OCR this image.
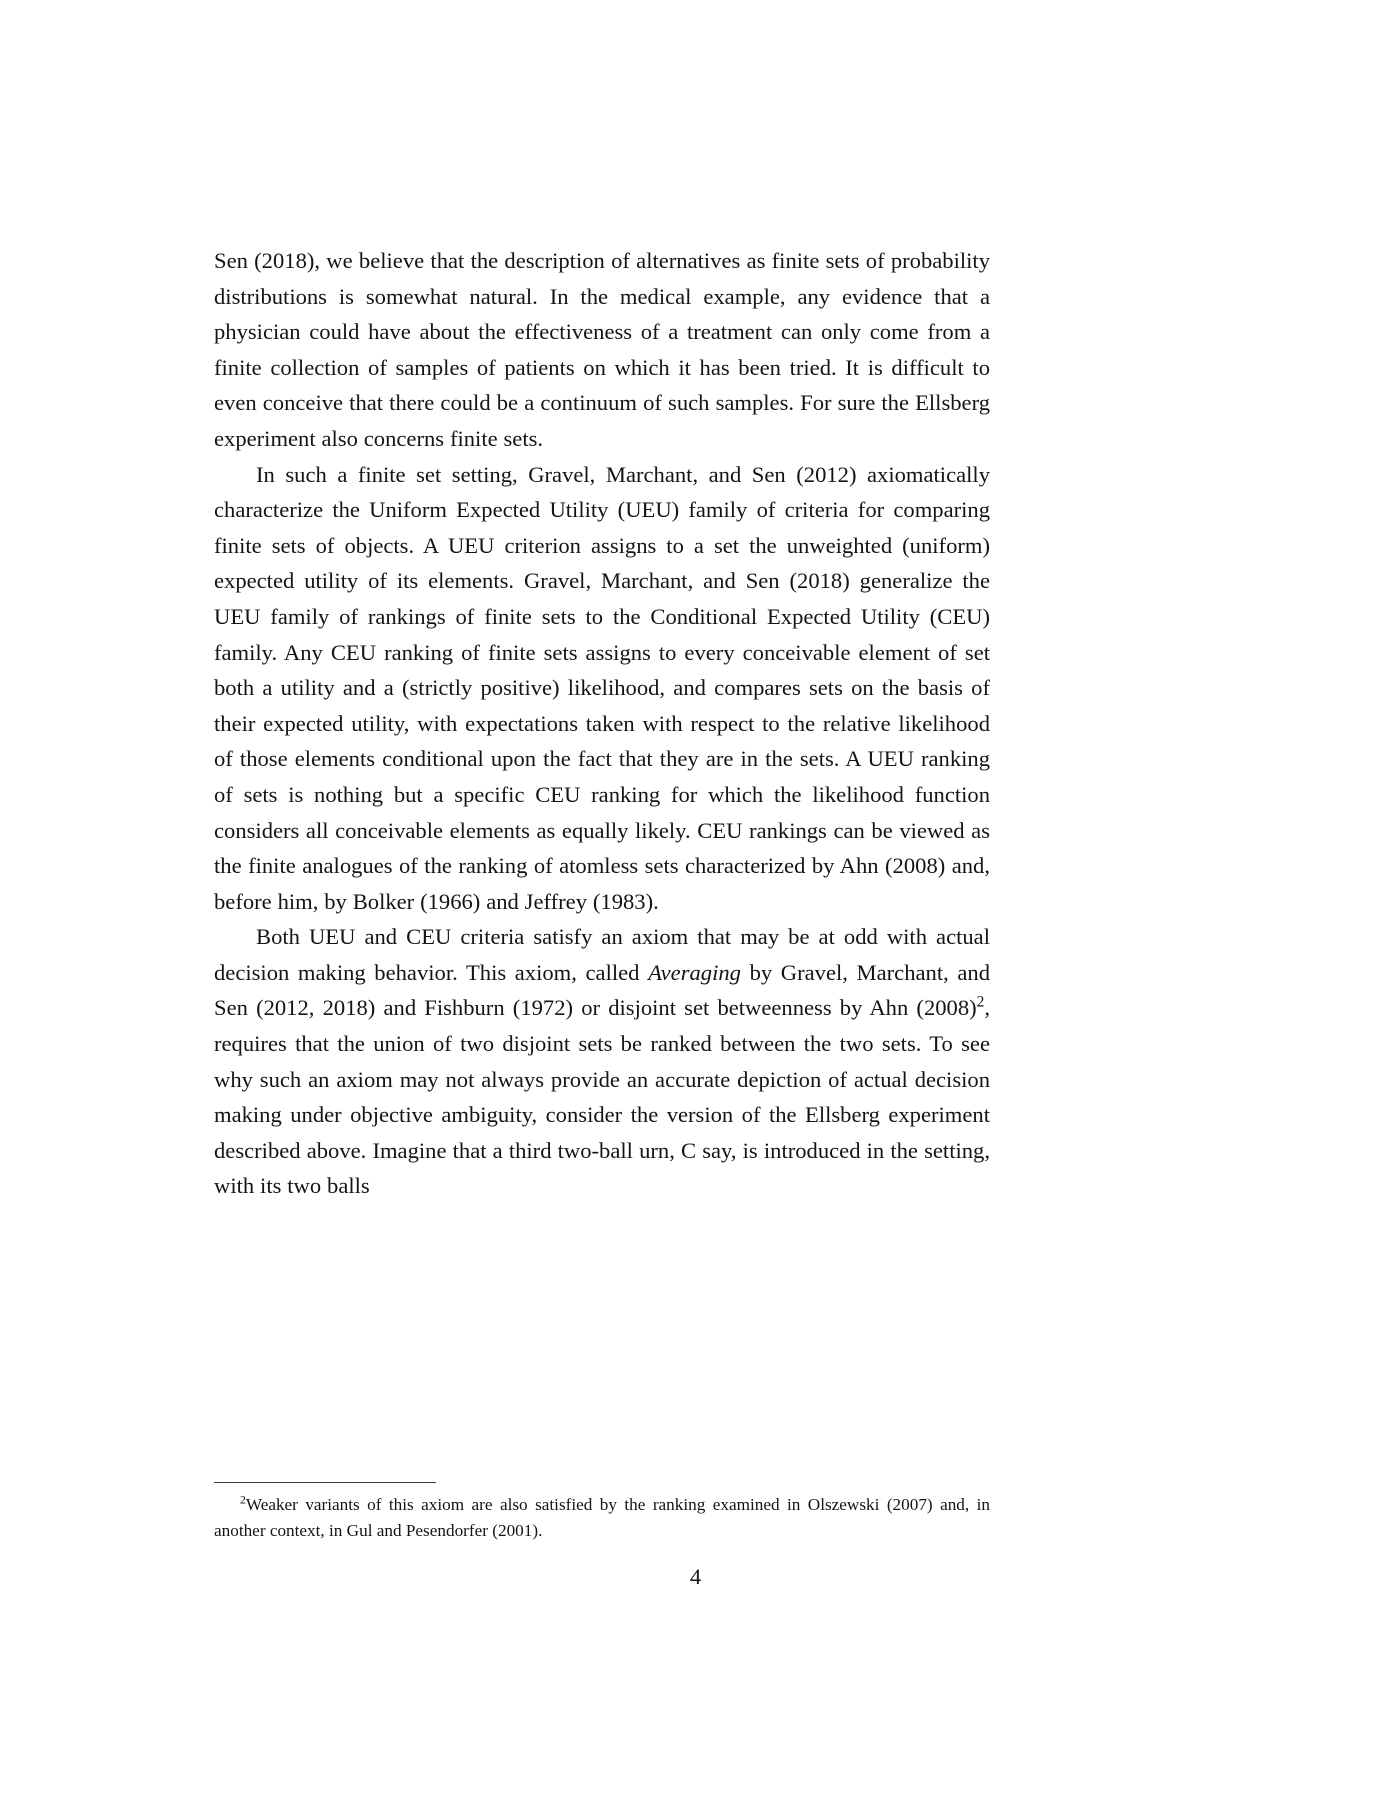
Sen (2018), we believe that the description of alternatives as finite sets of probability distributions is somewhat natural. In the medical example, any evidence that a physician could have about the effectiveness of a treatment can only come from a finite collection of samples of patients on which it has been tried. It is difficult to even conceive that there could be a continuum of such samples. For sure the Ellsberg experiment also concerns finite sets.

In such a finite set setting, Gravel, Marchant, and Sen (2012) axiomatically characterize the Uniform Expected Utility (UEU) family of criteria for comparing finite sets of objects. A UEU criterion assigns to a set the unweighted (uniform) expected utility of its elements. Gravel, Marchant, and Sen (2018) generalize the UEU family of rankings of finite sets to the Conditional Expected Utility (CEU) family. Any CEU ranking of finite sets assigns to every conceivable element of set both a utility and a (strictly positive) likelihood, and compares sets on the basis of their expected utility, with expectations taken with respect to the relative likelihood of those elements conditional upon the fact that they are in the sets. A UEU ranking of sets is nothing but a specific CEU ranking for which the likelihood function considers all conceivable elements as equally likely. CEU rankings can be viewed as the finite analogues of the ranking of atomless sets characterized by Ahn (2008) and, before him, by Bolker (1966) and Jeffrey (1983).

Both UEU and CEU criteria satisfy an axiom that may be at odd with actual decision making behavior. This axiom, called Averaging by Gravel, Marchant, and Sen (2012, 2018) and Fishburn (1972) or disjoint set betweenness by Ahn (2008)$^2$, requires that the union of two disjoint sets be ranked between the two sets. To see why such an axiom may not always provide an accurate depiction of actual decision making under objective ambiguity, consider the version of the Ellsberg experiment described above. Imagine that a third two-ball urn, C say, is introduced in the setting, with its two balls

$^2$Weaker variants of this axiom are also satisfied by the ranking examined in Olszewski (2007) and, in another context, in Gul and Pesendorfer (2001).

4
